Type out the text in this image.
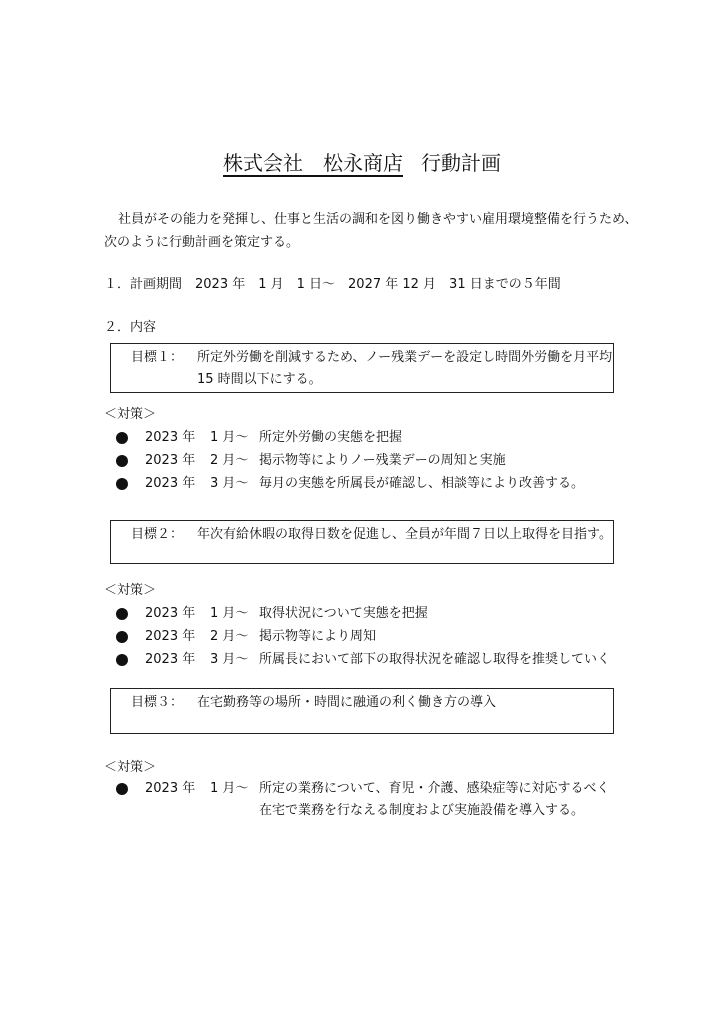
株式会社　松永商店 行動計画
社員がその能力を発揮し、仕事と生活の調和を図り働きやすい雇用環境整備を行うため、
次のように行動計画を策定する。
１．計画期間　2023 年　1 月　1 日～　2027 年 12 月　31 日までの５年間
２．内容
目標１： 所定外労働を削減するため、ノー残業デーを設定し時間外労働を月平均
15 時間以下にする。
＜対策＞
2023 年 1 月～ 所定外労働の実態を把握
2023 年 2 月～ 掲示物等によりノー残業デーの周知と実施
2023 年 3 月～ 毎月の実態を所属長が確認し、相談等により改善する。
目標２： 年次有給休暇の取得日数を促進し、全員が年間７日以上取得を目指す。
＜対策＞
2023 年 1 月～ 取得状況について実態を把握
2023 年 2 月～ 掲示物等により周知
2023 年 3 月～ 所属長において部下の取得状況を確認し取得を推奨していく
目標３： 在宅勤務等の場所・時間に融通の利く働き方の導入
＜対策＞
2023 年 1 月～ 所定の業務について、育児・介護、感染症等に対応するべく
在宅で業務を行なえる制度および実施設備を導入する。
